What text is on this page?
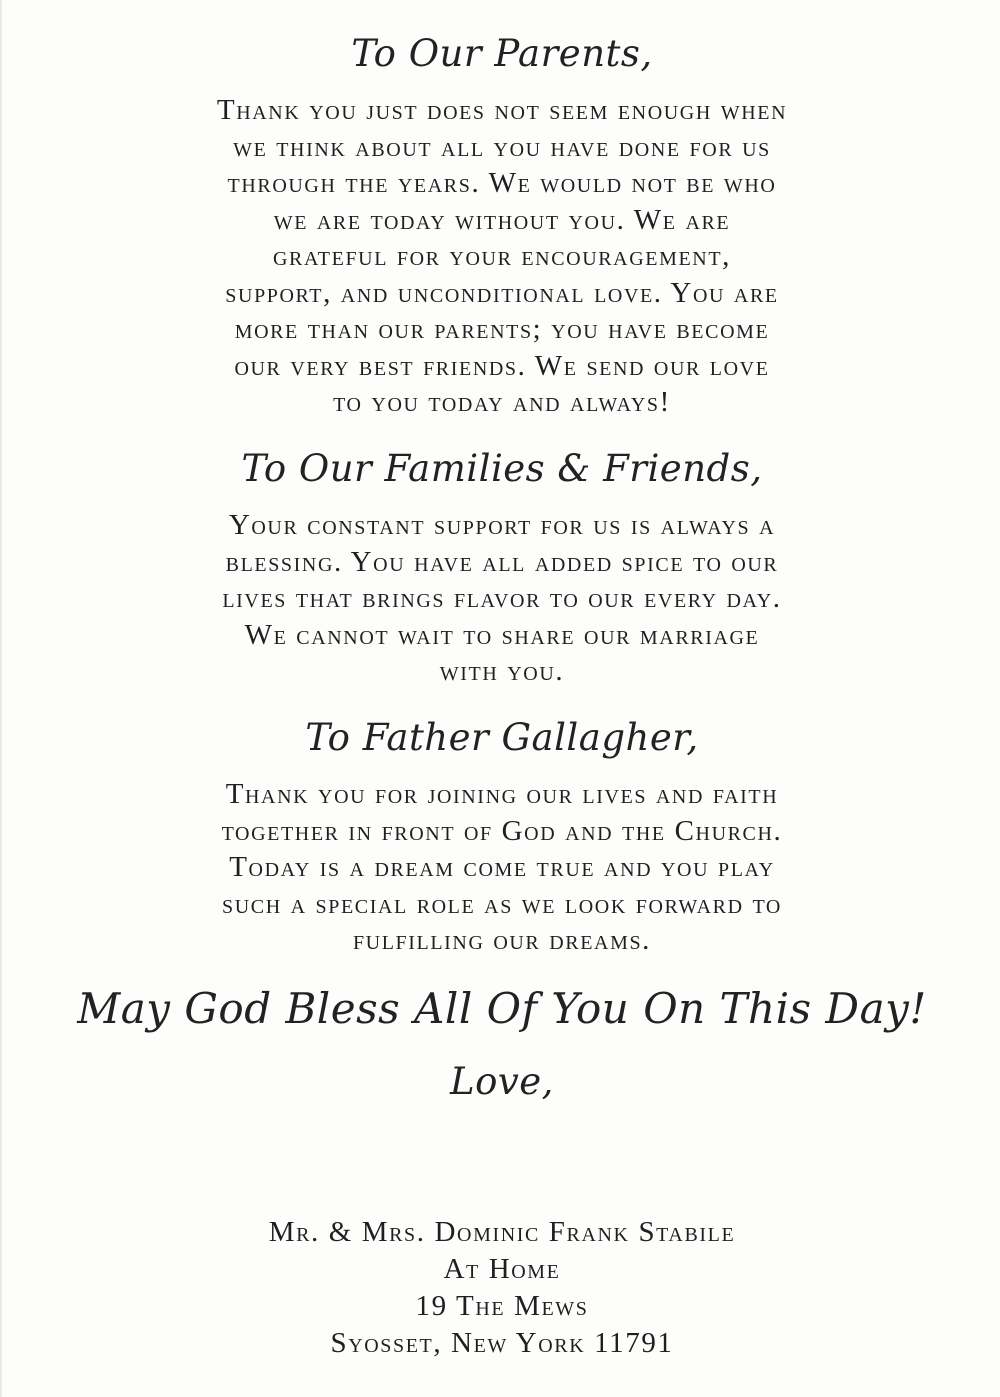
To Our Parents,
Thank you just does not seem enough when
we think about all you have done for us
through the years. We would not be who
we are today without you. We are
grateful for your encouragement,
support, and unconditional love. You are
more than our parents; you have become
our very best friends. We send our love
to you today and always!
To Our Families & Friends,
Your constant support for us is always a
blessing. You have all added spice to our
lives that brings flavor to our every day.
We cannot wait to share our marriage
with you.
To Father Gallagher,
Thank you for joining our lives and faith
together in front of God and the Church.
Today is a dream come true and you play
such a special role as we look forward to
fulfilling our dreams.

May God Bless All Of You On This Day!

Love,

Mr. & Mrs. Dominic Frank Stabile
At Home
19 The Mews
Syosset, New York 11791
